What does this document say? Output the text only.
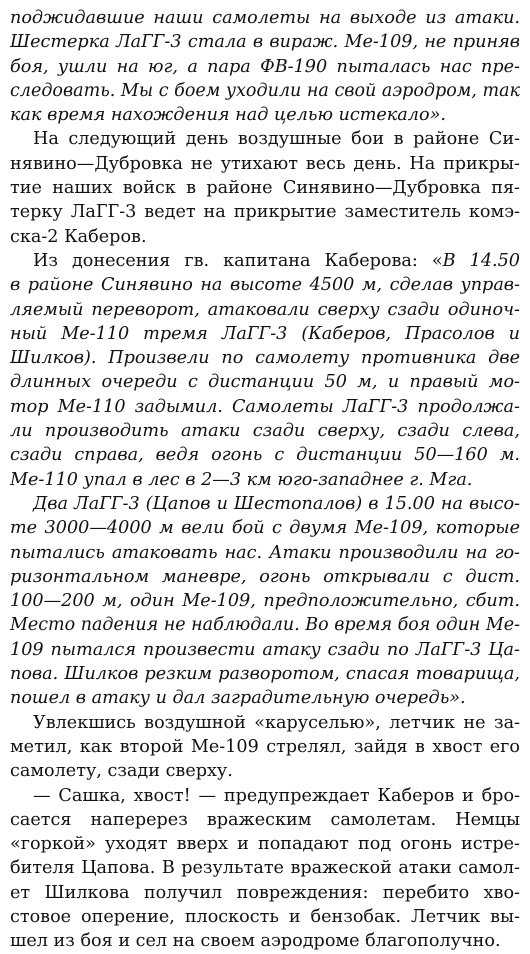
поджидавшие наши самолеты на выходе из атаки.
Шестерка ЛаГГ-3 стала в вираж. Ме-109, не приняв
боя, ушли на юг, а пара ФВ-190 пыталась нас пре-
следовать. Мы с боем уходили на свой аэродром, так
как время нахождения над целью истекало».
На следующий день воздушные бои в районе Си-
нявино—Дубровка не утихают весь день. На прикры-
тие наших войск в районе Синявино—Дубровка пя-
терку ЛаГГ-3 ведет на прикрытие заместитель комэ-
ска-2 Каберов.
Из донесения гв. капитана Каберова: «В 14.50
в районе Синявино на высоте 4500 м, сделав управ-
ляемый переворот, атаковали сверху сзади одиноч-
ный Ме-110 тремя ЛаГГ-3 (Каберов, Прасолов и
Шилков). Произвели по самолету противника две
длинных очереди с дистанции 50 м, и правый мо-
тор Ме-110 задымил. Самолеты ЛаГГ-3 продолжа-
ли производить атаки сзади сверху, сзади слева,
сзади справа, ведя огонь с дистанции 50—160 м.
Ме-110 упал в лес в 2—3 км юго-западнее г. Мга.
Два ЛаГГ-3 (Цапов и Шестопалов) в 15.00 на высо-
те 3000—4000 м вели бой с двумя Ме-109, которые
пытались атаковать нас. Атаки производили на го-
ризонтальном маневре, огонь открывали с дист.
100—200 м, один Ме-109, предположительно, сбит.
Место падения не наблюдали. Во время боя один Ме-
109 пытался произвести атаку сзади по ЛаГГ-3 Ца-
пова. Шилков резким разворотом, спасая товарища,
пошел в атаку и дал заградительную очередь».
Увлекшись воздушной «каруселью», летчик не за-
метил, как второй Ме-109 стрелял, зайдя в хвост его
самолету, сзади сверху.
— Сашка, хвост! — предупреждает Каберов и бро-
сается наперерез вражеским самолетам. Немцы
«горкой» уходят вверх и попадают под огонь истре-
бителя Цапова. В результате вражеской атаки самол-
ет Шилкова получил повреждения: перебито хво-
стовое оперение, плоскость и бензобак. Летчик вы-
шел из боя и сел на своем аэродроме благополучно.
